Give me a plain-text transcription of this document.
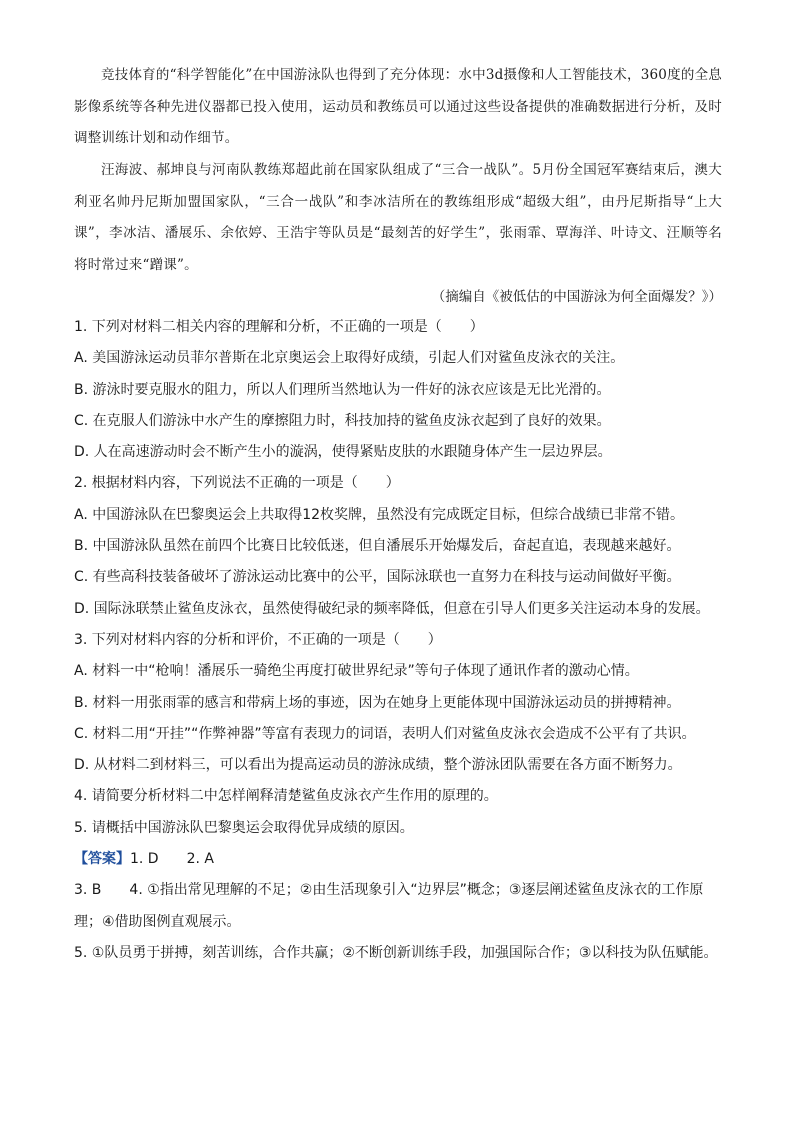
竞技体育的“科学智能化”在中国游泳队也得到了充分体现：水中3d摄像和人工智能技术，360度的全息影像系统等各种先进仪器都已投入使用，运动员和教练员可以通过这些设备提供的准确数据进行分析，及时调整训练计划和动作细节。
汪海波、郝坤良与河南队教练郑超此前在国家队组成了“三合一战队”。5月份全国冠军赛结束后，澳大利亚名帅丹尼斯加盟国家队，“三合一战队”和李冰洁所在的教练组形成“超级大组”，由丹尼斯指导“上大课”，李冰洁、潘展乐、余依婷、王浩宇等队员是“最刻苦的好学生”，张雨霏、覃海洋、叶诗文、汪顺等名将时常过来“蹭课”。
（摘编自《被低估的中国游泳为何全面爆发？》）
1. 下列对材料二相关内容的理解和分析，不正确的一项是（　　）
A. 美国游泳运动员菲尔普斯在北京奥运会上取得好成绩，引起人们对鲨鱼皮泳衣的关注。
B. 游泳时要克服水的阻力，所以人们理所当然地认为一件好的泳衣应该是无比光滑的。
C. 在克服人们游泳中水产生的摩擦阻力时，科技加持的鲨鱼皮泳衣起到了良好的效果。
D. 人在高速游动时会不断产生小的漩涡，使得紧贴皮肤的水跟随身体产生一层边界层。
2. 根据材料内容，下列说法不正确的一项是（　　）
A. 中国游泳队在巴黎奥运会上共取得12枚奖牌，虽然没有完成既定目标，但综合战绩已非常不错。
B. 中国游泳队虽然在前四个比赛日比较低迷，但自潘展乐开始爆发后，奋起直追，表现越来越好。
C. 有些高科技装备破坏了游泳运动比赛中的公平，国际泳联也一直努力在科技与运动间做好平衡。
D. 国际泳联禁止鲨鱼皮泳衣，虽然使得破纪录的频率降低，但意在引导人们更多关注运动本身的发展。
3. 下列对材料内容的分析和评价，不正确的一项是（　　）
A. 材料一中“枪响！潘展乐一骑绝尘再度打破世界纪录”等句子体现了通讯作者的激动心情。
B. 材料一用张雨霏的感言和带病上场的事迹，因为在她身上更能体现中国游泳运动员的拼搏精神。
C. 材料二用“开挂”“作弊神器”等富有表现力的词语，表明人们对鲨鱼皮泳衣会造成不公平有了共识。
D. 从材料二到材料三，可以看出为提高运动员的游泳成绩，整个游泳团队需要在各方面不断努力。
4. 请简要分析材料二中怎样阐释清楚鲨鱼皮泳衣产生作用的原理的。
5. 请概括中国游泳队巴黎奥运会取得优异成绩的原因。
【答案】1. D　　2. A
3. B　　4. ①指出常见理解的不足；②由生活现象引入“边界层”概念；③逐层阐述鲨鱼皮泳衣的工作原理；④借助图例直观展示。
5. ①队员勇于拼搏，刻苦训练，合作共赢；②不断创新训练手段，加强国际合作；③以科技为队伍赋能。
